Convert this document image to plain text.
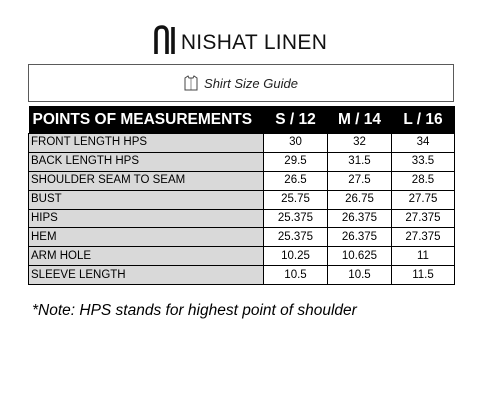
NISHAT LINEN
Shirt Size Guide
POINTS OF MEASUREMENTS	S / 12	M / 14	L / 16
FRONT LENGTH HPS	30	32	34
BACK LENGTH HPS	29.5	31.5	33.5
SHOULDER SEAM TO SEAM	26.5	27.5	28.5
BUST	25.75	26.75	27.75
HIPS	25.375	26.375	27.375
HEM	25.375	26.375	27.375
ARM HOLE	10.25	10.625	11
SLEEVE LENGTH	10.5	10.5	11.5
*Note: HPS stands for highest point of shoulder
